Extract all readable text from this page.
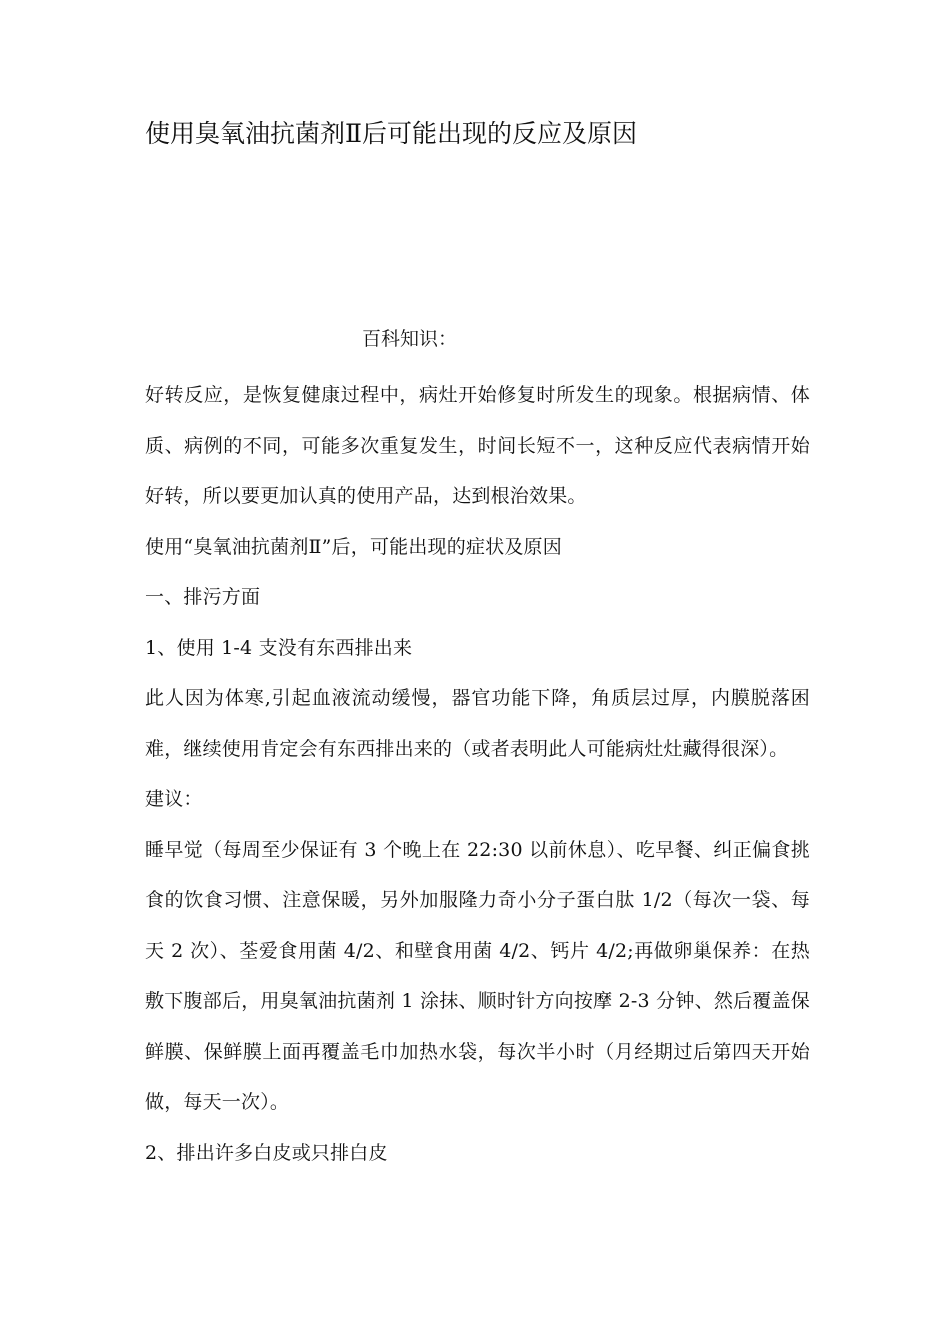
使用臭氧油抗菌剂Ⅱ后可能出现的反应及原因
百科知识：

好转反应，是恢复健康过程中，病灶开始修复时所发生的现象。根据病情、体质、病例的不同，可能多次重复发生，时间长短不一，这种反应代表病情开始好转，所以要更加认真的使用产品，达到根治效果。

使用“臭氧油抗菌剂Ⅱ”后，可能出现的症状及原因

一、排污方面

1、使用 1-4 支没有东西排出来

此人因为体寒,引起血液流动缓慢，器官功能下降，角质层过厚，内膜脱落困难，继续使用肯定会有东西排出来的（或者表明此人可能病灶灶藏得很深）。

建议：

睡早觉（每周至少保证有 3 个晚上在 22:30 以前休息）、吃早餐、纠正偏食挑食的饮食习惯、注意保暖，另外加服隆力奇小分子蛋白肽 1/2（每次一袋、每天 2 次）、荃爱食用菌 4/2、和壁食用菌 4/2、钙片 4/2;再做卵巢保养：在热敷下腹部后，用臭氧油抗菌剂 1 涂抹、顺时针方向按摩 2-3 分钟、然后覆盖保鲜膜、保鲜膜上面再覆盖毛巾加热水袋，每次半小时（月经期过后第四天开始做，每天一次）。

2、排出许多白皮或只排白皮
